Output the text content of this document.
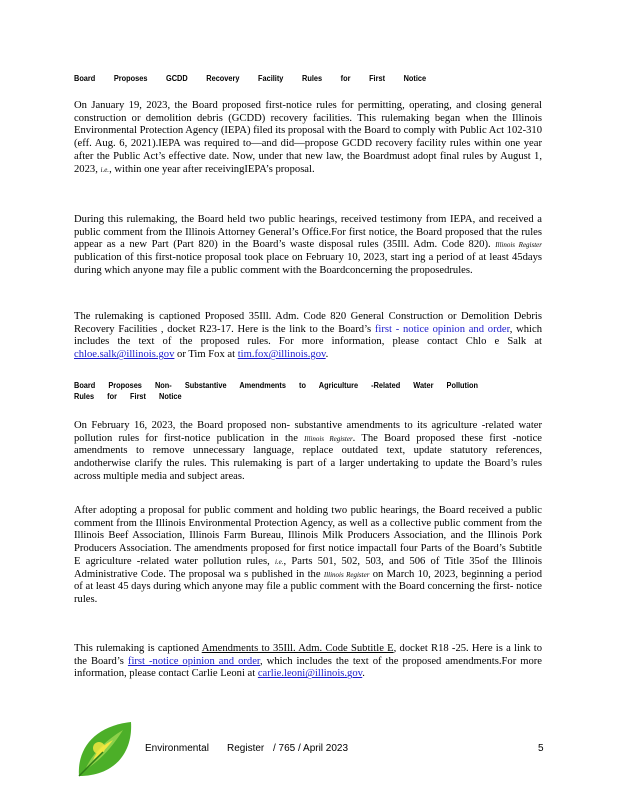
Board Proposes GCDD Recovery Facility Rules for First Notice
On January 19, 2023, the Board proposed first-notice rules for permitting, operating, and closing general construction or demolition debris (GCDD) recovery facilities. This rulemaking began when the Illinois Environmental Protection Agency (IEPA) filed its proposal with the Board to comply with Public Act 102-310 (eff. Aug. 6, 2021).IEPA was required to—and did—propose GCDD recovery facility rules within one year after the Public Act’s effective date. Now, under that new law, the Boardmust adopt final rules by August 1, 2023, i.e., within one year after receivingIEPA’s proposal.
During this rulemaking, the Board held two public hearings, received testimony from IEPA, and received a public comment from the Illinois Attorney General’s Office.For first notice, the Board proposed that the rules appear as a new Part (Part 820) in the Board’s waste disposal rules (35Ill. Adm. Code 820). Illinois Register publication of this first-notice proposal took place on February 10, 2023, start ing a period of at least 45days during which anyone may file a public comment with the Boardconcerning the proposedrules.
The rulemaking is captioned Proposed 35Ill. Adm. Code 820 General Construction or Demolition Debris Recovery Facilities , docket R23-17. Here is the link to the Board’s first - notice opinion and order, which includes the text of the proposed rules. For more information, please contact Chlo e Salk at chloe.salk@illinois.gov or Tim Fox at tim.fox@illinois.gov.
Board Proposes Non- Substantive Amendments to Agriculture -Related Water Pollution Rules for First Notice
On February 16, 2023, the Board proposed non- substantive amendments to its agriculture -related water pollution rules for first-notice publication in the Illinois Register. The Board proposed these first -notice amendments to remove unnecessary language, replace outdated text, update statutory references, andotherwise clarify the rules. This rulemaking is part of a larger undertaking to update the Board’s rules across multiple media and subject areas.
After adopting a proposal for public comment and holding two public hearings, the Board received a public comment from the Illinois Environmental Protection Agency, as well as a collective public comment from the Illinois Beef Association, Illinois Farm Bureau, Illinois Milk Producers Association, and the Illinois Pork Producers Association. The amendments proposed for first notice impactall four Parts of the Board’s Subtitle E agriculture -related water pollution rules, i.e., Parts 501, 502, 503, and 506 of Title 35of the Illinois Administrative Code. The proposal wa s published in the Illinois Register on March 10, 2023, beginning a period of at least 45 days during which anyone may file a public comment with the Board concerning the first- notice rules.
This rulemaking is captioned Amendments to 35Ill. Adm. Code Subtitle E, docket R18 -25. Here is a link to the Board’s first -notice opinion and order, which includes the text of the proposed amendments.For more information, please contact Carlie Leoni at carlie.leoni@illinois.gov.
Environmental Register / 765 / April 2023	5
